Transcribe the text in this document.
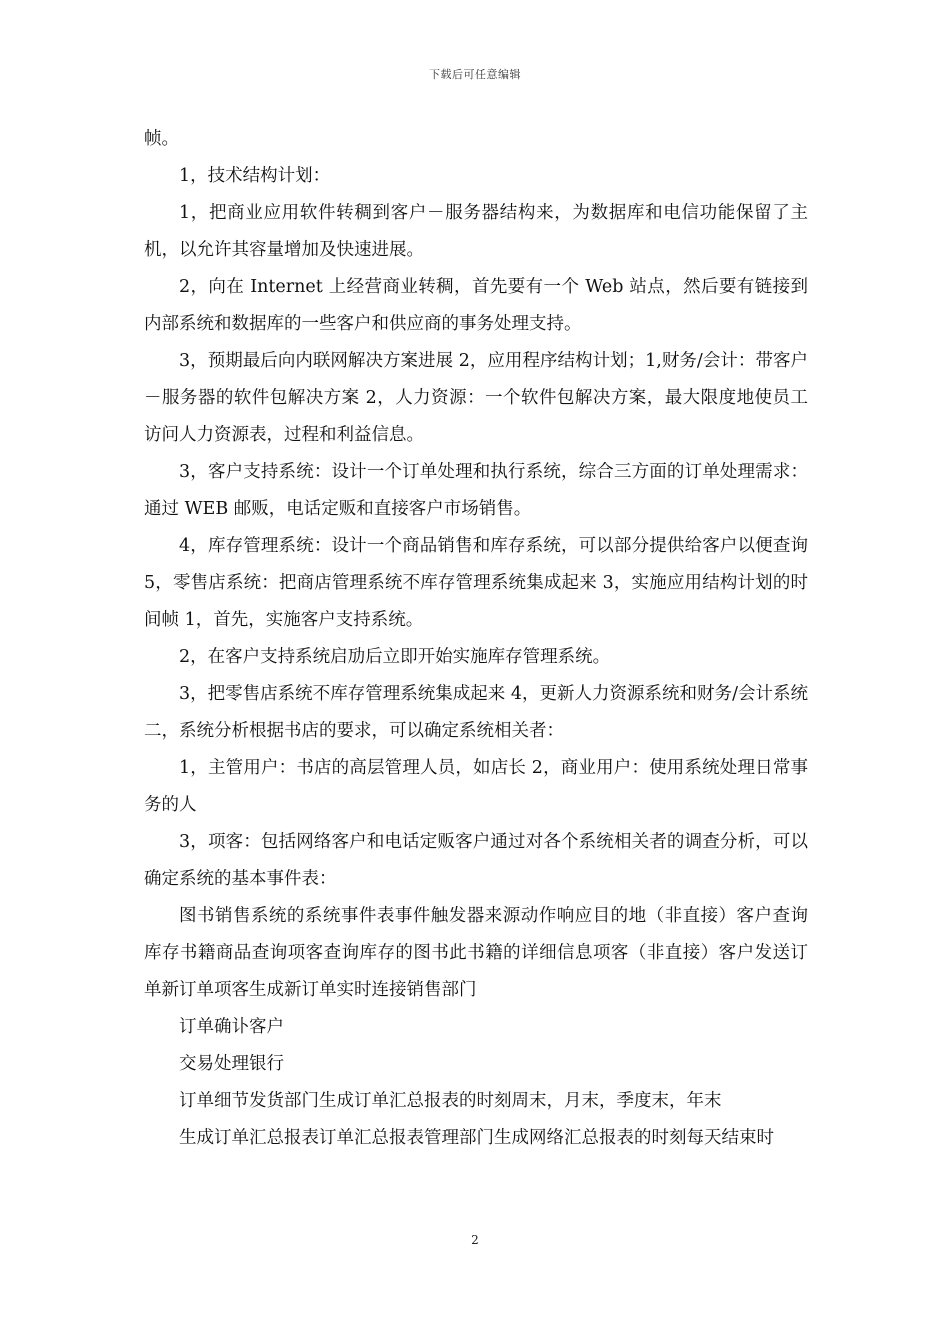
下载后可任意编辑

帧。

1，技术结构计划：

1，把商业应用软件转稠到客户－服务器结构来，为数据库和电信功能保留了主机，以允许其容量增加及快速进展。

2，向在 Internet 上经营商业转稠，首先要有一个 Web 站点，然后要有链接到内部系统和数据库的一些客户和供应商的事务处理支持。

3，预期最后向内联网解决方案进展 2，应用程序结构计划；1,财务/会计：带客户－服务器的软件包解决方案 2，人力资源：一个软件包解决方案，最大限度地使员工访问人力资源表，过程和利益信息。

3，客户支持系统：设计一个订单处理和执行系统，综合三方面的订单处理需求：通过 WEB 邮贩，电话定贩和直接客户市场销售。

4，库存管理系统：设计一个商品销售和库存系统，可以部分提供给客户以便查询 5，零售店系统：把商店管理系统不库存管理系统集成起来 3，实施应用结构计划的时间帧 1，首先，实施客户支持系统。

2，在客户支持系统启劢后立即开始实施库存管理系统。

3，把零售店系统不库存管理系统集成起来 4，更新人力资源系统和财务/会计系统二，系统分析根据书店的要求，可以确定系统相关者：

1，主管用户：书店的高层管理人员，如店长 2，商业用户：使用系统处理日常事务的人

3，项客：包括网络客户和电话定贩客户通过对各个系统相关者的调查分析，可以确定系统的基本事件表：

图书销售系统的系统事件表事件触发器来源动作响应目的地（非直接）客户查询库存书籍商品查询项客查询库存的图书此书籍的详细信息项客（非直接）客户发送订单新订单项客生成新订单实时连接销售部门

订单确讣客户

交易处理银行

订单细节发货部门生成订单汇总报表的时刻周末，月末，季度末，年末

生成订单汇总报表订单汇总报表管理部门生成网络汇总报表的时刻每天结束时

2
